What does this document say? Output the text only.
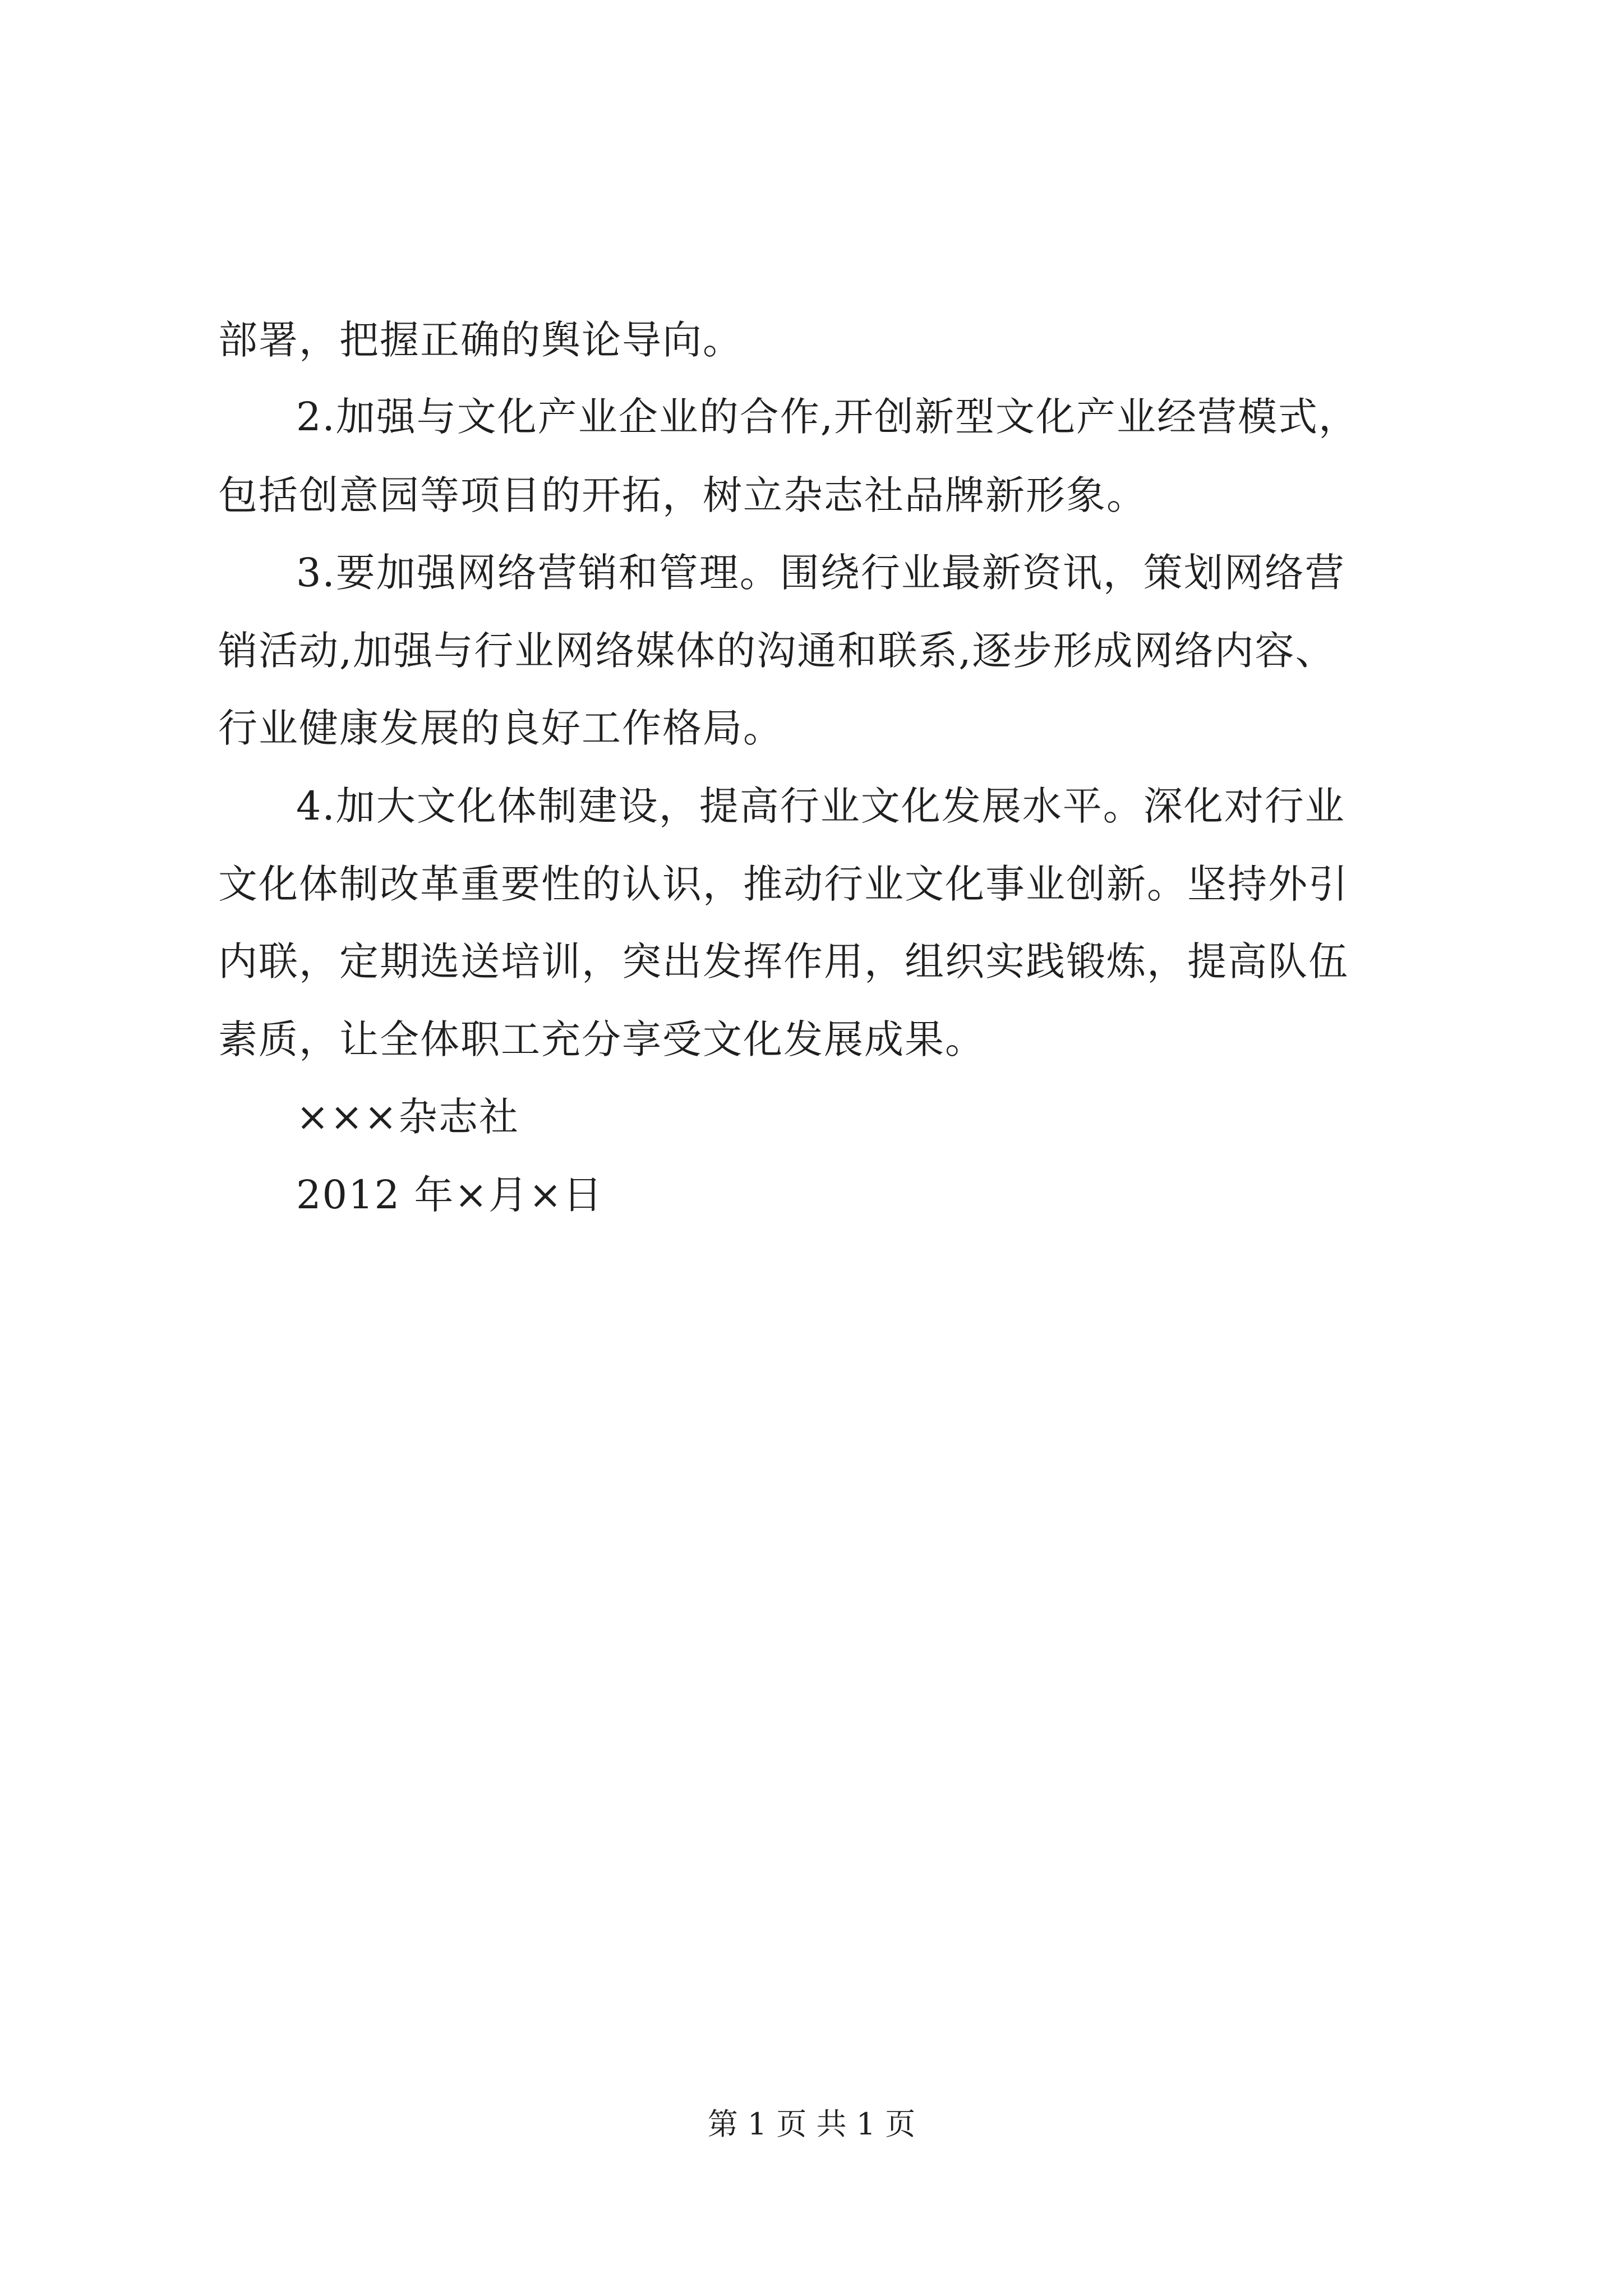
部署，把握正确的舆论导向。
2.加强与文化产业企业的合作,开创新型文化产业经营模式，
包括创意园等项目的开拓，树立杂志社品牌新形象。
3.要加强网络营销和管理。围绕行业最新资讯，策划网络营
销活动,加强与行业网络媒体的沟通和联系,逐步形成网络内容、
行业健康发展的良好工作格局。
4.加大文化体制建设，提高行业文化发展水平。深化对行业
文化体制改革重要性的认识，推动行业文化事业创新。坚持外引
内联，定期选送培训，突出发挥作用，组织实践锻炼，提高队伍
素质，让全体职工充分享受文化发展成果。
×××杂志社
2012 年×月×日
第 1 页 共 1 页
